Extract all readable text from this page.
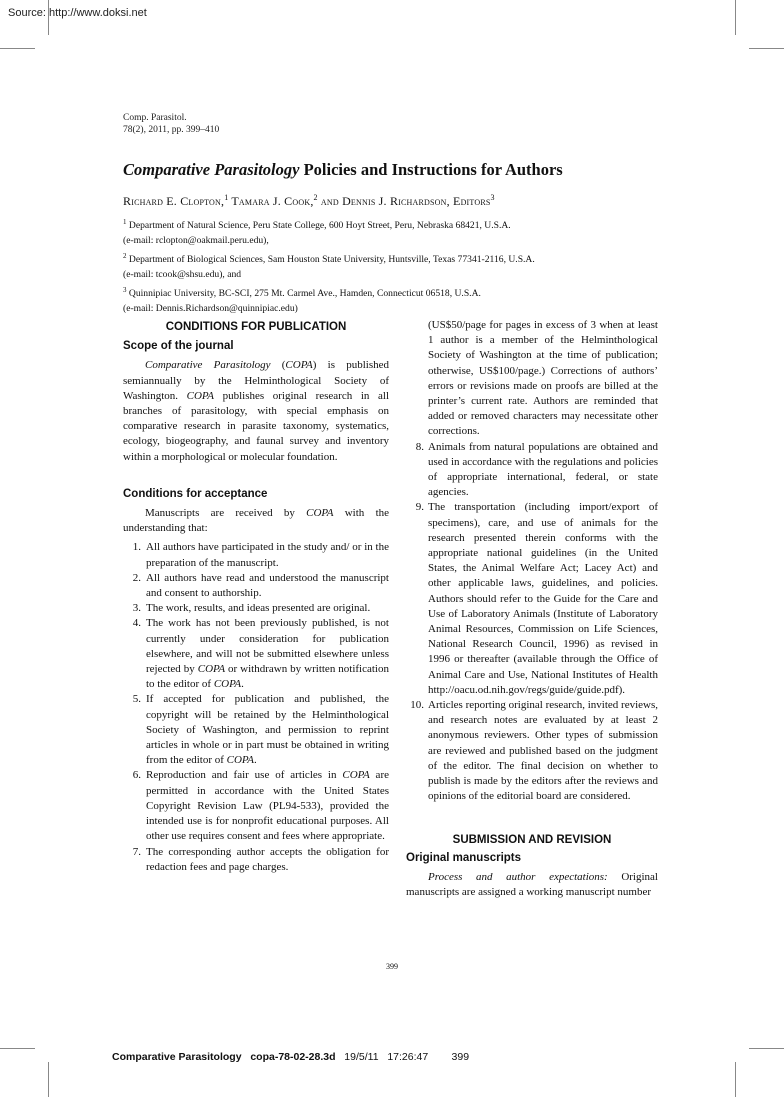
Source: http://www.doksi.net
Comp. Parasitol.
78(2), 2011, pp. 399–410
Comparative Parasitology Policies and Instructions for Authors
Richard E. Clopton,$^1$ Tamara J. Cook,$^2$ and Dennis J. Richardson, Editors$^3$
$^1$ Department of Natural Science, Peru State College, 600 Hoyt Street, Peru, Nebraska 68421, U.S.A.
(e-mail: rclopton@oakmail.peru.edu),
$^2$ Department of Biological Sciences, Sam Houston State University, Huntsville, Texas 77341-2116, U.S.A.
(e-mail: tcook@shsu.edu), and
$^3$ Quinnipiac University, BC-SCI, 275 Mt. Carmel Ave., Hamden, Connecticut 06518, U.S.A.
(e-mail: Dennis.Richardson@quinnipiac.edu)
CONDITIONS FOR PUBLICATION
Scope of the journal

Comparative Parasitology (COPA) is published semiannually by the Helminthological Society of Washington. COPA publishes original research in all branches of parasitology, with special emphasis on comparative research in parasite taxonomy, systematics, ecology, biogeography, and faunal survey and inventory within a morphological or molecular foundation.

Conditions for acceptance

Manuscripts are received by COPA with the understanding that:

1. All authors have participated in the study and/ or in the preparation of the manuscript.
2. All authors have read and understood the manuscript and consent to authorship.
3. The work, results, and ideas presented are original.
4. The work has not been previously published, is not currently under consideration for publication elsewhere, and will not be submitted elsewhere unless rejected by COPA or withdrawn by written notification to the editor of COPA.
5. If accepted for publication and published, the copyright will be retained by the Helminthological Society of Washington, and permission to reprint articles in whole or in part must be obtained in writing from the editor of COPA.
6. Reproduction and fair use of articles in COPA are permitted in accordance with the United States Copyright Revision Law (PL94-533), provided the intended use is for nonprofit educational purposes. All other use requires consent and fees where appropriate.
7. The corresponding author accepts the obligation for redaction fees and page charges.

(US$50/page for pages in excess of 3 when at least 1 author is a member of the Helminthological Society of Washington at the time of publication; otherwise, US$100/page.) Corrections of authors’ errors or revisions made on proofs are billed at the printer’s current rate. Authors are reminded that added or removed characters may necessitate other corrections.

8. Animals from natural populations are obtained and used in accordance with the regulations and policies of appropriate international, federal, or state agencies.
9. The transportation (including import/export of specimens), care, and use of animals for the research presented therein conforms with the appropriate national guidelines (in the United States, the Animal Welfare Act; Lacey Act) and other applicable laws, guidelines, and policies. Authors should refer to the Guide for the Care and Use of Laboratory Animals (Institute of Laboratory Animal Resources, Commission on Life Sciences, National Research Council, 1996) as revised in 1996 or thereafter (available through the Office of Animal Care and Use, National Institutes of Health http://oacu.od.nih.gov/regs/guide/guide.pdf).
10. Articles reporting original research, invited reviews, and research notes are evaluated by at least 2 anonymous reviewers. Other types of submission are reviewed and published based on the judgment of the editor. The final decision on whether to publish is made by the editors after the reviews and opinions of the editorial board are considered.
SUBMISSION AND REVISION
Original manuscripts

Process and author expectations: Original manuscripts are assigned a working manuscript number

399
Comparative Parasitology copa-78-02-28.3d 19/5/11 17:26:47 399
